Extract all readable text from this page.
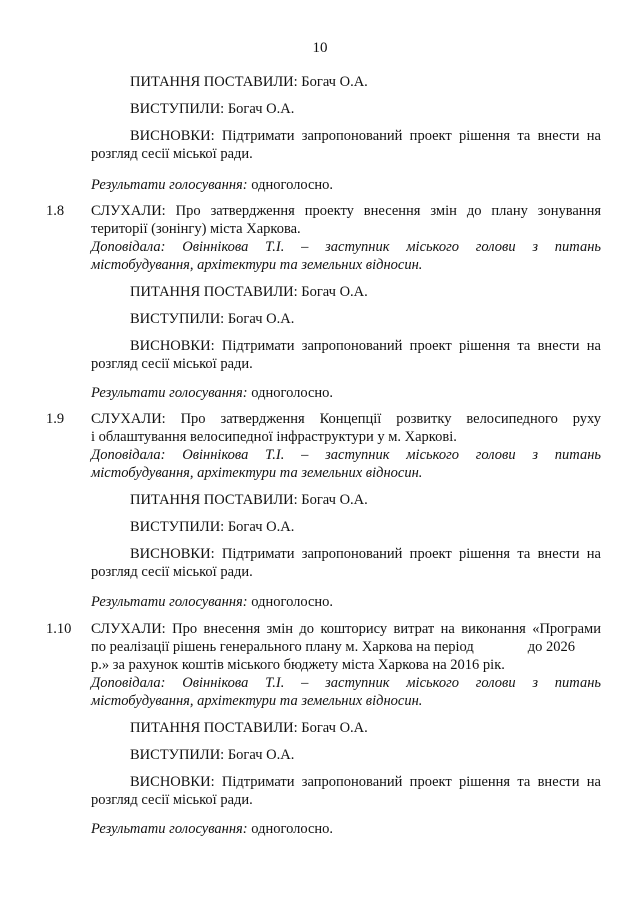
10
ПИТАННЯ ПОСТАВИЛИ: Богач О.А.
ВИСТУПИЛИ: Богач О.А.
ВИСНОВКИ: Підтримати запропонований проект рішення та внести на
розгляд сесії міської ради.
Результати голосування: одноголосно.
1.8 СЛУХАЛИ: Про затвердження проекту внесення змін до плану зонування
території (зонінгу) міста Харкова.
Доповідала: Овіннікова Т.І. – заступник міського голови з питань
містобудування, архітектури та земельних відносин.
ПИТАННЯ ПОСТАВИЛИ: Богач О.А.
ВИСТУПИЛИ: Богач О.А.
ВИСНОВКИ: Підтримати запропонований проект рішення та внести на
розгляд сесії міської ради.
Результати голосування: одноголосно.
1.9 СЛУХАЛИ: Про затвердження Концепції розвитку велосипедного руху
і облаштування велосипедної інфраструктури у м. Харкові.
Доповідала: Овіннікова Т.І. – заступник міського голови з питань
містобудування, архітектури та земельних відносин.
ПИТАННЯ ПОСТАВИЛИ: Богач О.А.
ВИСТУПИЛИ: Богач О.А.
ВИСНОВКИ: Підтримати запропонований проект рішення та внести на
розгляд сесії міської ради.
Результати голосування: одноголосно.
1.10 СЛУХАЛИ: Про внесення змін до кошторису витрат на виконання «Програми
по реалізації рішень генерального плану м. Харкова на період	до 2026
р.» за рахунок коштів міського бюджету міста Харкова на 2016 рік.
Доповідала: Овіннікова Т.І. – заступник міського голови з питань
містобудування, архітектури та земельних відносин.
ПИТАННЯ ПОСТАВИЛИ: Богач О.А.
ВИСТУПИЛИ: Богач О.А.
ВИСНОВКИ: Підтримати запропонований проект рішення та внести на
розгляд сесії міської ради.
Результати голосування: одноголосно.
